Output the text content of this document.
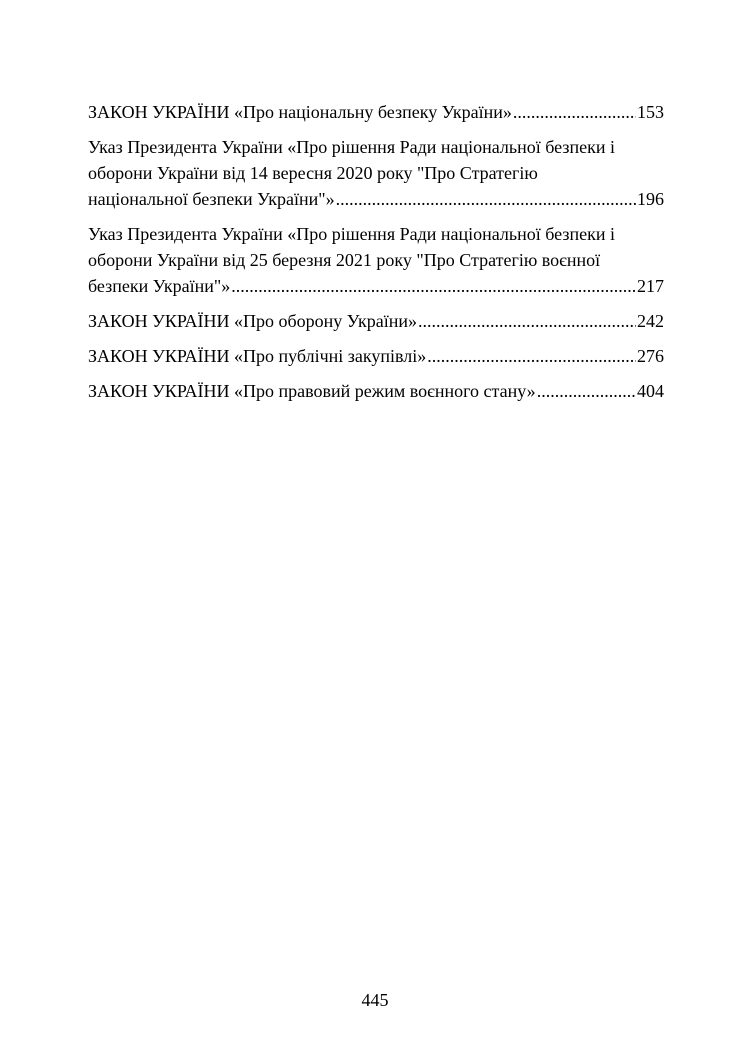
ЗАКОН УКРАЇНИ «Про національну безпеку України» .....	153
Указ Президента України «Про рішення Ради національної безпеки і
оборони України від 14 вересня 2020 року "Про Стратегію
національної безпеки України"» .....	196
Указ Президента України «Про рішення Ради національної безпеки і
оборони України від 25 березня 2021 року "Про Стратегію воєнної
безпеки України"» .....	217
ЗАКОН УКРАЇНИ «Про оборону України» .....	242
ЗАКОН УКРАЇНИ «Про публічні закупівлі» .....	276
ЗАКОН УКРАЇНИ «Про правовий режим воєнного стану» .....	404
445
